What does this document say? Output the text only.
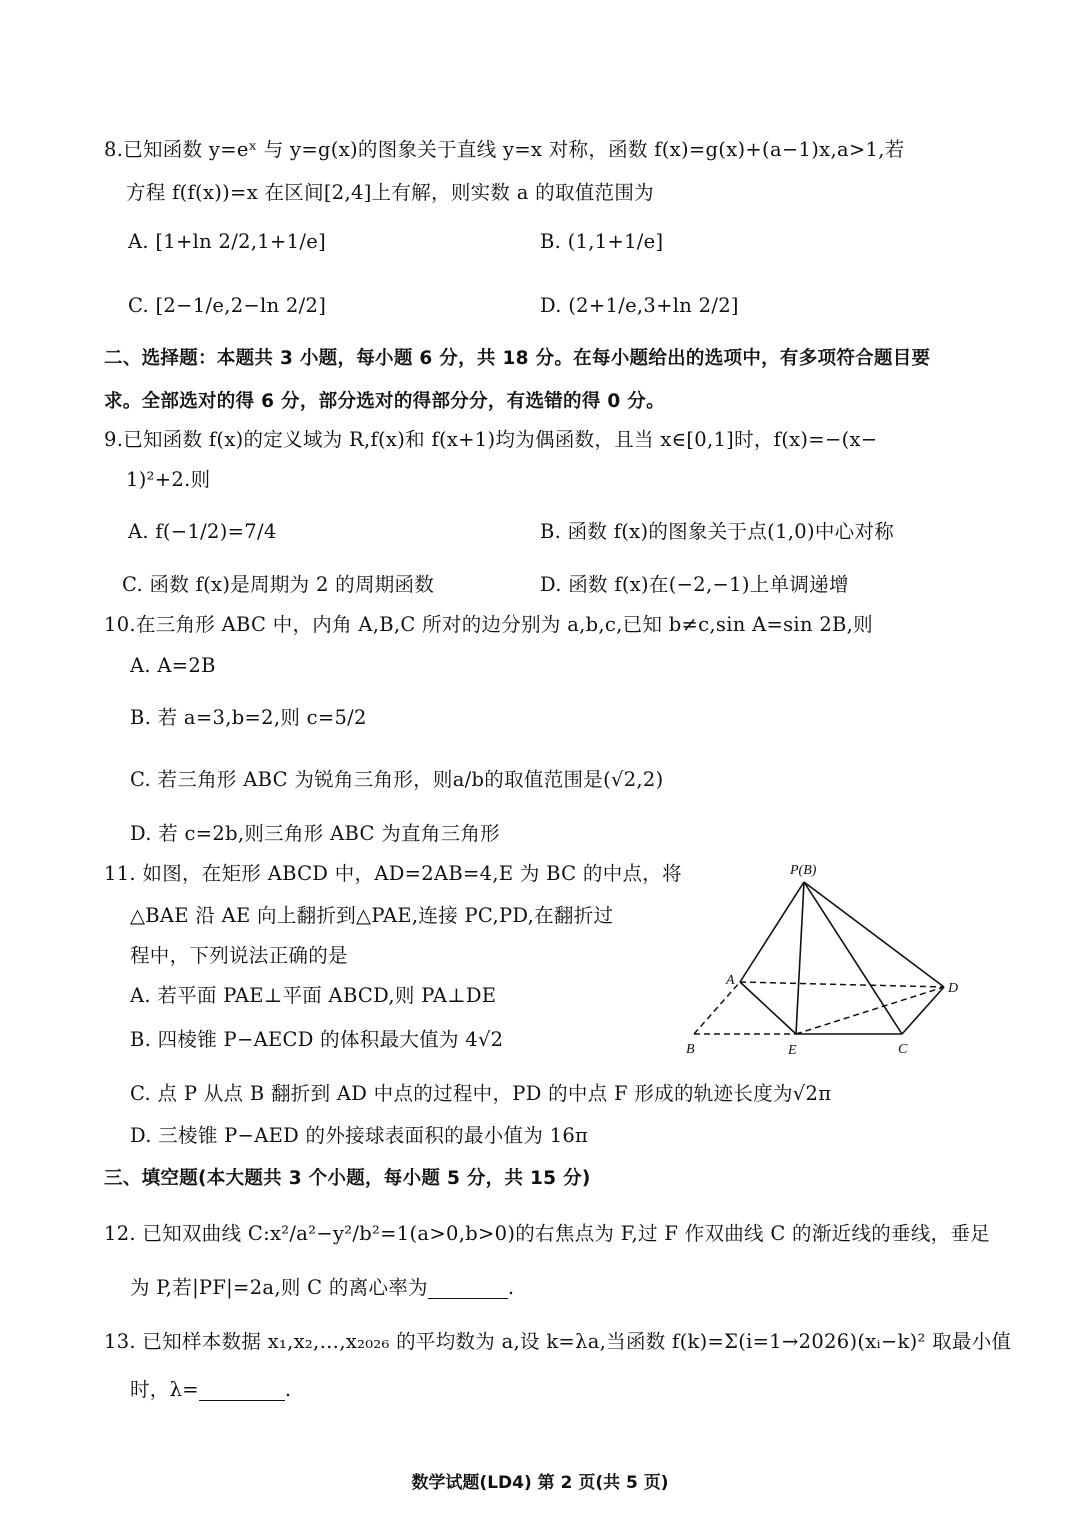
8.已知函数 y=eˣ 与 y=g(x)的图象关于直线 y=x 对称，函数 f(x)=g(x)+(a−1)x,a>1,若
方程 f(f(x))=x 在区间[2,4]上有解，则实数 a 的取值范围为
A. [1+ln 2/2,1+1/e]	B. (1,1+1/e]
C. [2−1/e,2−ln 2/2]	D. (2+1/e,3+ln 2/2]
二、选择题：本题共 3 小题，每小题 6 分，共 18 分。在每小题给出的选项中，有多项符合题目要
求。全部选对的得 6 分，部分选对的得部分分，有选错的得 0 分。
9.已知函数 f(x)的定义域为 R,f(x)和 f(x+1)均为偶函数，且当 x∈[0,1]时，f(x)=−(x−
1)²+2.则
A. f(−1/2)=7/4	B. 函数 f(x)的图象关于点(1,0)中心对称
C. 函数 f(x)是周期为 2 的周期函数	D. 函数 f(x)在(−2,−1)上单调递增
10.在三角形 ABC 中，内角 A,B,C 所对的边分别为 a,b,c,已知 b≠c,sin A=sin 2B,则
A. A=2B
B. 若 a=3,b=2,则 c=5/2
C. 若三角形 ABC 为锐角三角形，则a/b的取值范围是(√2,2)
D. 若 c=2b,则三角形 ABC 为直角三角形
11. 如图，在矩形 ABCD 中，AD=2AB=4,E 为 BC 的中点，将
△BAE 沿 AE 向上翻折到△PAE,连接 PC,PD,在翻折过
程中，下列说法正确的是
A. 若平面 PAE⊥平面 ABCD,则 PA⊥DE
B. 四棱锥 P−AECD 的体积最大值为 4√2
C. 点 P 从点 B 翻折到 AD 中点的过程中，PD 的中点 F 形成的轨迹长度为√2π
D. 三棱锥 P−AED 的外接球表面积的最小值为 16π
P(B)
A
B	E	C
D
三、填空题(本大题共 3 个小题，每小题 5 分，共 15 分)
12. 已知双曲线 C:x²/a²−y²/b²=1(a>0,b>0)的右焦点为 F,过 F 作双曲线 C 的渐近线的垂线，垂足
为 P,若|PF|=2a,则 C 的离心率为	.
13. 已知样本数据 x₁,x₂,…,x₂₀₂₆ 的平均数为 a,设 k=λa,当函数 f(k)=Σ(i=1→2026)(xᵢ−k)² 取最小值
时，λ=	.
数学试题(LD4) 第 2 页(共 5 页)
